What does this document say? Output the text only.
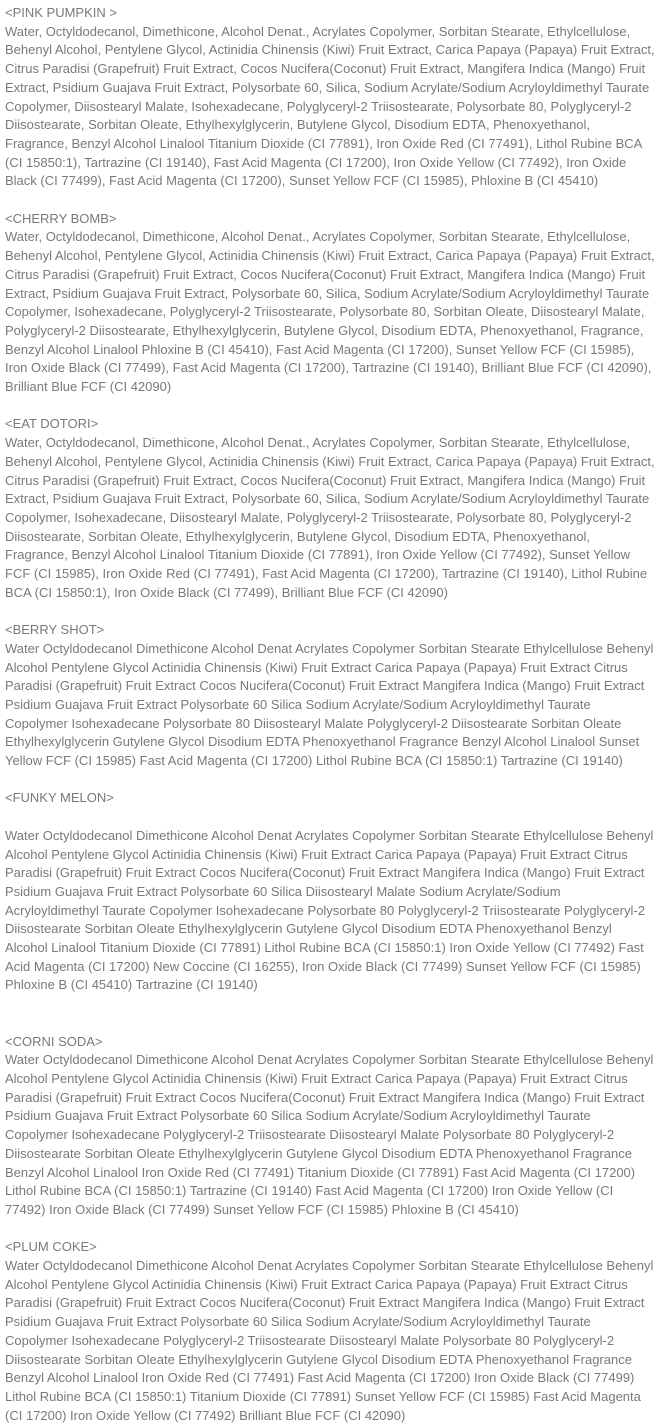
<PINK PUMPKIN >
Water, Octyldodecanol, Dimethicone, Alcohol Denat., Acrylates Copolymer, Sorbitan Stearate, Ethylcellulose, Behenyl Alcohol, Pentylene Glycol, Actinidia Chinensis (Kiwi) Fruit Extract, Carica Papaya (Papaya) Fruit Extract, Citrus Paradisi (Grapefruit) Fruit Extract, Cocos Nucifera(Coconut) Fruit Extract, Mangifera Indica (Mango) Fruit Extract, Psidium Guajava Fruit Extract, Polysorbate 60, Silica, Sodium Acrylate/Sodium Acryloyldimethyl Taurate Copolymer, Diisostearyl Malate, Isohexadecane, Polyglyceryl-2 Triisostearate, Polysorbate 80, Polyglyceryl-2 Diisostearate, Sorbitan Oleate, Ethylhexylglycerin, Butylene Glycol, Disodium EDTA, Phenoxyethanol, Fragrance, Benzyl Alcohol Linalool Titanium Dioxide (CI 77891), Iron Oxide Red (CI 77491), Lithol Rubine BCA (CI 15850:1), Tartrazine (CI 19140), Fast Acid Magenta (CI 17200), Iron Oxide Yellow (CI 77492), Iron Oxide Black (CI 77499), Fast Acid Magenta (CI 17200), Sunset Yellow FCF (CI 15985), Phloxine B (CI 45410)
<CHERRY BOMB>
Water, Octyldodecanol, Dimethicone, Alcohol Denat., Acrylates Copolymer, Sorbitan Stearate, Ethylcellulose, Behenyl Alcohol, Pentylene Glycol, Actinidia Chinensis (Kiwi) Fruit Extract, Carica Papaya (Papaya) Fruit Extract, Citrus Paradisi (Grapefruit) Fruit Extract, Cocos Nucifera(Coconut) Fruit Extract, Mangifera Indica (Mango) Fruit Extract, Psidium Guajava Fruit Extract, Polysorbate 60, Silica, Sodium Acrylate/Sodium Acryloyldimethyl Taurate Copolymer, Isohexadecane, Polyglyceryl-2 Triisostearate, Polysorbate 80, Sorbitan Oleate, Diisostearyl Malate, Polyglyceryl-2 Diisostearate, Ethylhexylglycerin, Butylene Glycol, Disodium EDTA, Phenoxyethanol, Fragrance, Benzyl Alcohol Linalool Phloxine B (CI 45410), Fast Acid Magenta (CI 17200), Sunset Yellow FCF (CI 15985), Iron Oxide Black (CI 77499), Fast Acid Magenta (CI 17200), Tartrazine (CI 19140), Brilliant Blue FCF (CI 42090), Brilliant Blue FCF (CI 42090)
<EAT DOTORI>
Water, Octyldodecanol, Dimethicone, Alcohol Denat., Acrylates Copolymer, Sorbitan Stearate, Ethylcellulose, Behenyl Alcohol, Pentylene Glycol, Actinidia Chinensis (Kiwi) Fruit Extract, Carica Papaya (Papaya) Fruit Extract, Citrus Paradisi (Grapefruit) Fruit Extract, Cocos Nucifera(Coconut) Fruit Extract, Mangifera Indica (Mango) Fruit Extract, Psidium Guajava Fruit Extract, Polysorbate 60, Silica, Sodium Acrylate/Sodium Acryloyldimethyl Taurate Copolymer, Isohexadecane, Diisostearyl Malate, Polyglyceryl-2 Triisostearate, Polysorbate 80, Polyglyceryl-2 Diisostearate, Sorbitan Oleate, Ethylhexylglycerin, Butylene Glycol, Disodium EDTA, Phenoxyethanol, Fragrance, Benzyl Alcohol Linalool Titanium Dioxide (CI 77891), Iron Oxide Yellow (CI 77492), Sunset Yellow FCF (CI 15985), Iron Oxide Red (CI 77491), Fast Acid Magenta (CI 17200), Tartrazine (CI 19140), Lithol Rubine BCA (CI 15850:1), Iron Oxide Black (CI 77499), Brilliant Blue FCF (CI 42090)
<BERRY SHOT>
Water Octyldodecanol Dimethicone Alcohol Denat Acrylates Copolymer Sorbitan Stearate Ethylcellulose Behenyl Alcohol Pentylene Glycol Actinidia Chinensis (Kiwi) Fruit Extract Carica Papaya (Papaya) Fruit Extract Citrus Paradisi (Grapefruit) Fruit Extract Cocos Nucifera(Coconut) Fruit Extract Mangifera Indica (Mango) Fruit Extract Psidium Guajava Fruit Extract Polysorbate 60 Silica Sodium Acrylate/Sodium Acryloyldimethyl Taurate Copolymer Isohexadecane Polysorbate 80 Diisostearyl Malate Polyglyceryl-2 Diisostearate Sorbitan Oleate Ethylhexylglycerin Gutylene Glycol Disodium EDTA Phenoxyethanol Fragrance Benzyl Alcohol Linalool Sunset Yellow FCF (CI 15985) Fast Acid Magenta (CI 17200) Lithol Rubine BCA (CI 15850:1) Tartrazine (CI 19140)
<FUNKY MELON>
Water Octyldodecanol Dimethicone Alcohol Denat Acrylates Copolymer Sorbitan Stearate Ethylcellulose Behenyl Alcohol Pentylene Glycol Actinidia Chinensis (Kiwi) Fruit Extract Carica Papaya (Papaya) Fruit Extract Citrus Paradisi (Grapefruit) Fruit Extract Cocos Nucifera(Coconut) Fruit Extract Mangifera Indica (Mango) Fruit Extract Psidium Guajava Fruit Extract Polysorbate 60 Silica Diisostearyl Malate Sodium Acrylate/Sodium Acryloyldimethyl Taurate Copolymer Isohexadecane Polysorbate 80 Polyglyceryl-2 Triisostearate Polyglyceryl-2 Diisostearate Sorbitan Oleate Ethylhexylglycerin Gutylene Glycol Disodium EDTA Phenoxyethanol Benzyl Alcohol Linalool Titanium Dioxide (CI 77891) Lithol Rubine BCA (CI 15850:1) Iron Oxide Yellow (CI 77492) Fast Acid Magenta (CI 17200) New Coccine (CI 16255), Iron Oxide Black (CI 77499) Sunset Yellow FCF (CI 15985) Phloxine B (CI 45410) Tartrazine (CI 19140)
<CORNI SODA>
Water Octyldodecanol Dimethicone Alcohol Denat Acrylates Copolymer Sorbitan Stearate Ethylcellulose Behenyl Alcohol Pentylene Glycol Actinidia Chinensis (Kiwi) Fruit Extract Carica Papaya (Papaya) Fruit Extract Citrus Paradisi (Grapefruit) Fruit Extract Cocos Nucifera(Coconut) Fruit Extract Mangifera Indica (Mango) Fruit Extract Psidium Guajava Fruit Extract Polysorbate 60 Silica Sodium Acrylate/Sodium Acryloyldimethyl Taurate Copolymer Isohexadecane Polyglyceryl-2 Triisostearate Diisostearyl Malate Polysorbate 80 Polyglyceryl-2 Diisostearate Sorbitan Oleate Ethylhexylglycerin Gutylene Glycol Disodium EDTA Phenoxyethanol Fragrance Benzyl Alcohol Linalool Iron Oxide Red (CI 77491) Titanium Dioxide (CI 77891) Fast Acid Magenta (CI 17200) Lithol Rubine BCA (CI 15850:1) Tartrazine (CI 19140) Fast Acid Magenta (CI 17200) Iron Oxide Yellow (CI 77492) Iron Oxide Black (CI 77499) Sunset Yellow FCF (CI 15985) Phloxine B (CI 45410)
<PLUM COKE>
Water Octyldodecanol Dimethicone Alcohol Denat Acrylates Copolymer Sorbitan Stearate Ethylcellulose Behenyl Alcohol Pentylene Glycol Actinidia Chinensis (Kiwi) Fruit Extract Carica Papaya (Papaya) Fruit Extract Citrus Paradisi (Grapefruit) Fruit Extract Cocos Nucifera(Coconut) Fruit Extract Mangifera Indica (Mango) Fruit Extract Psidium Guajava Fruit Extract Polysorbate 60 Silica Sodium Acrylate/Sodium Acryloyldimethyl Taurate Copolymer Isohexadecane Polyglyceryl-2 Triisostearate Diisostearyl Malate Polysorbate 80 Polyglyceryl-2 Diisostearate Sorbitan Oleate Ethylhexylglycerin Gutylene Glycol Disodium EDTA Phenoxyethanol Fragrance Benzyl Alcohol Linalool Iron Oxide Red (CI 77491) Fast Acid Magenta (CI 17200) Iron Oxide Black (CI 77499) Lithol Rubine BCA (CI 15850:1) Titanium Dioxide (CI 77891) Sunset Yellow FCF (CI 15985) Fast Acid Magenta (CI 17200) Iron Oxide Yellow (CI 77492) Brilliant Blue FCF (CI 42090)
